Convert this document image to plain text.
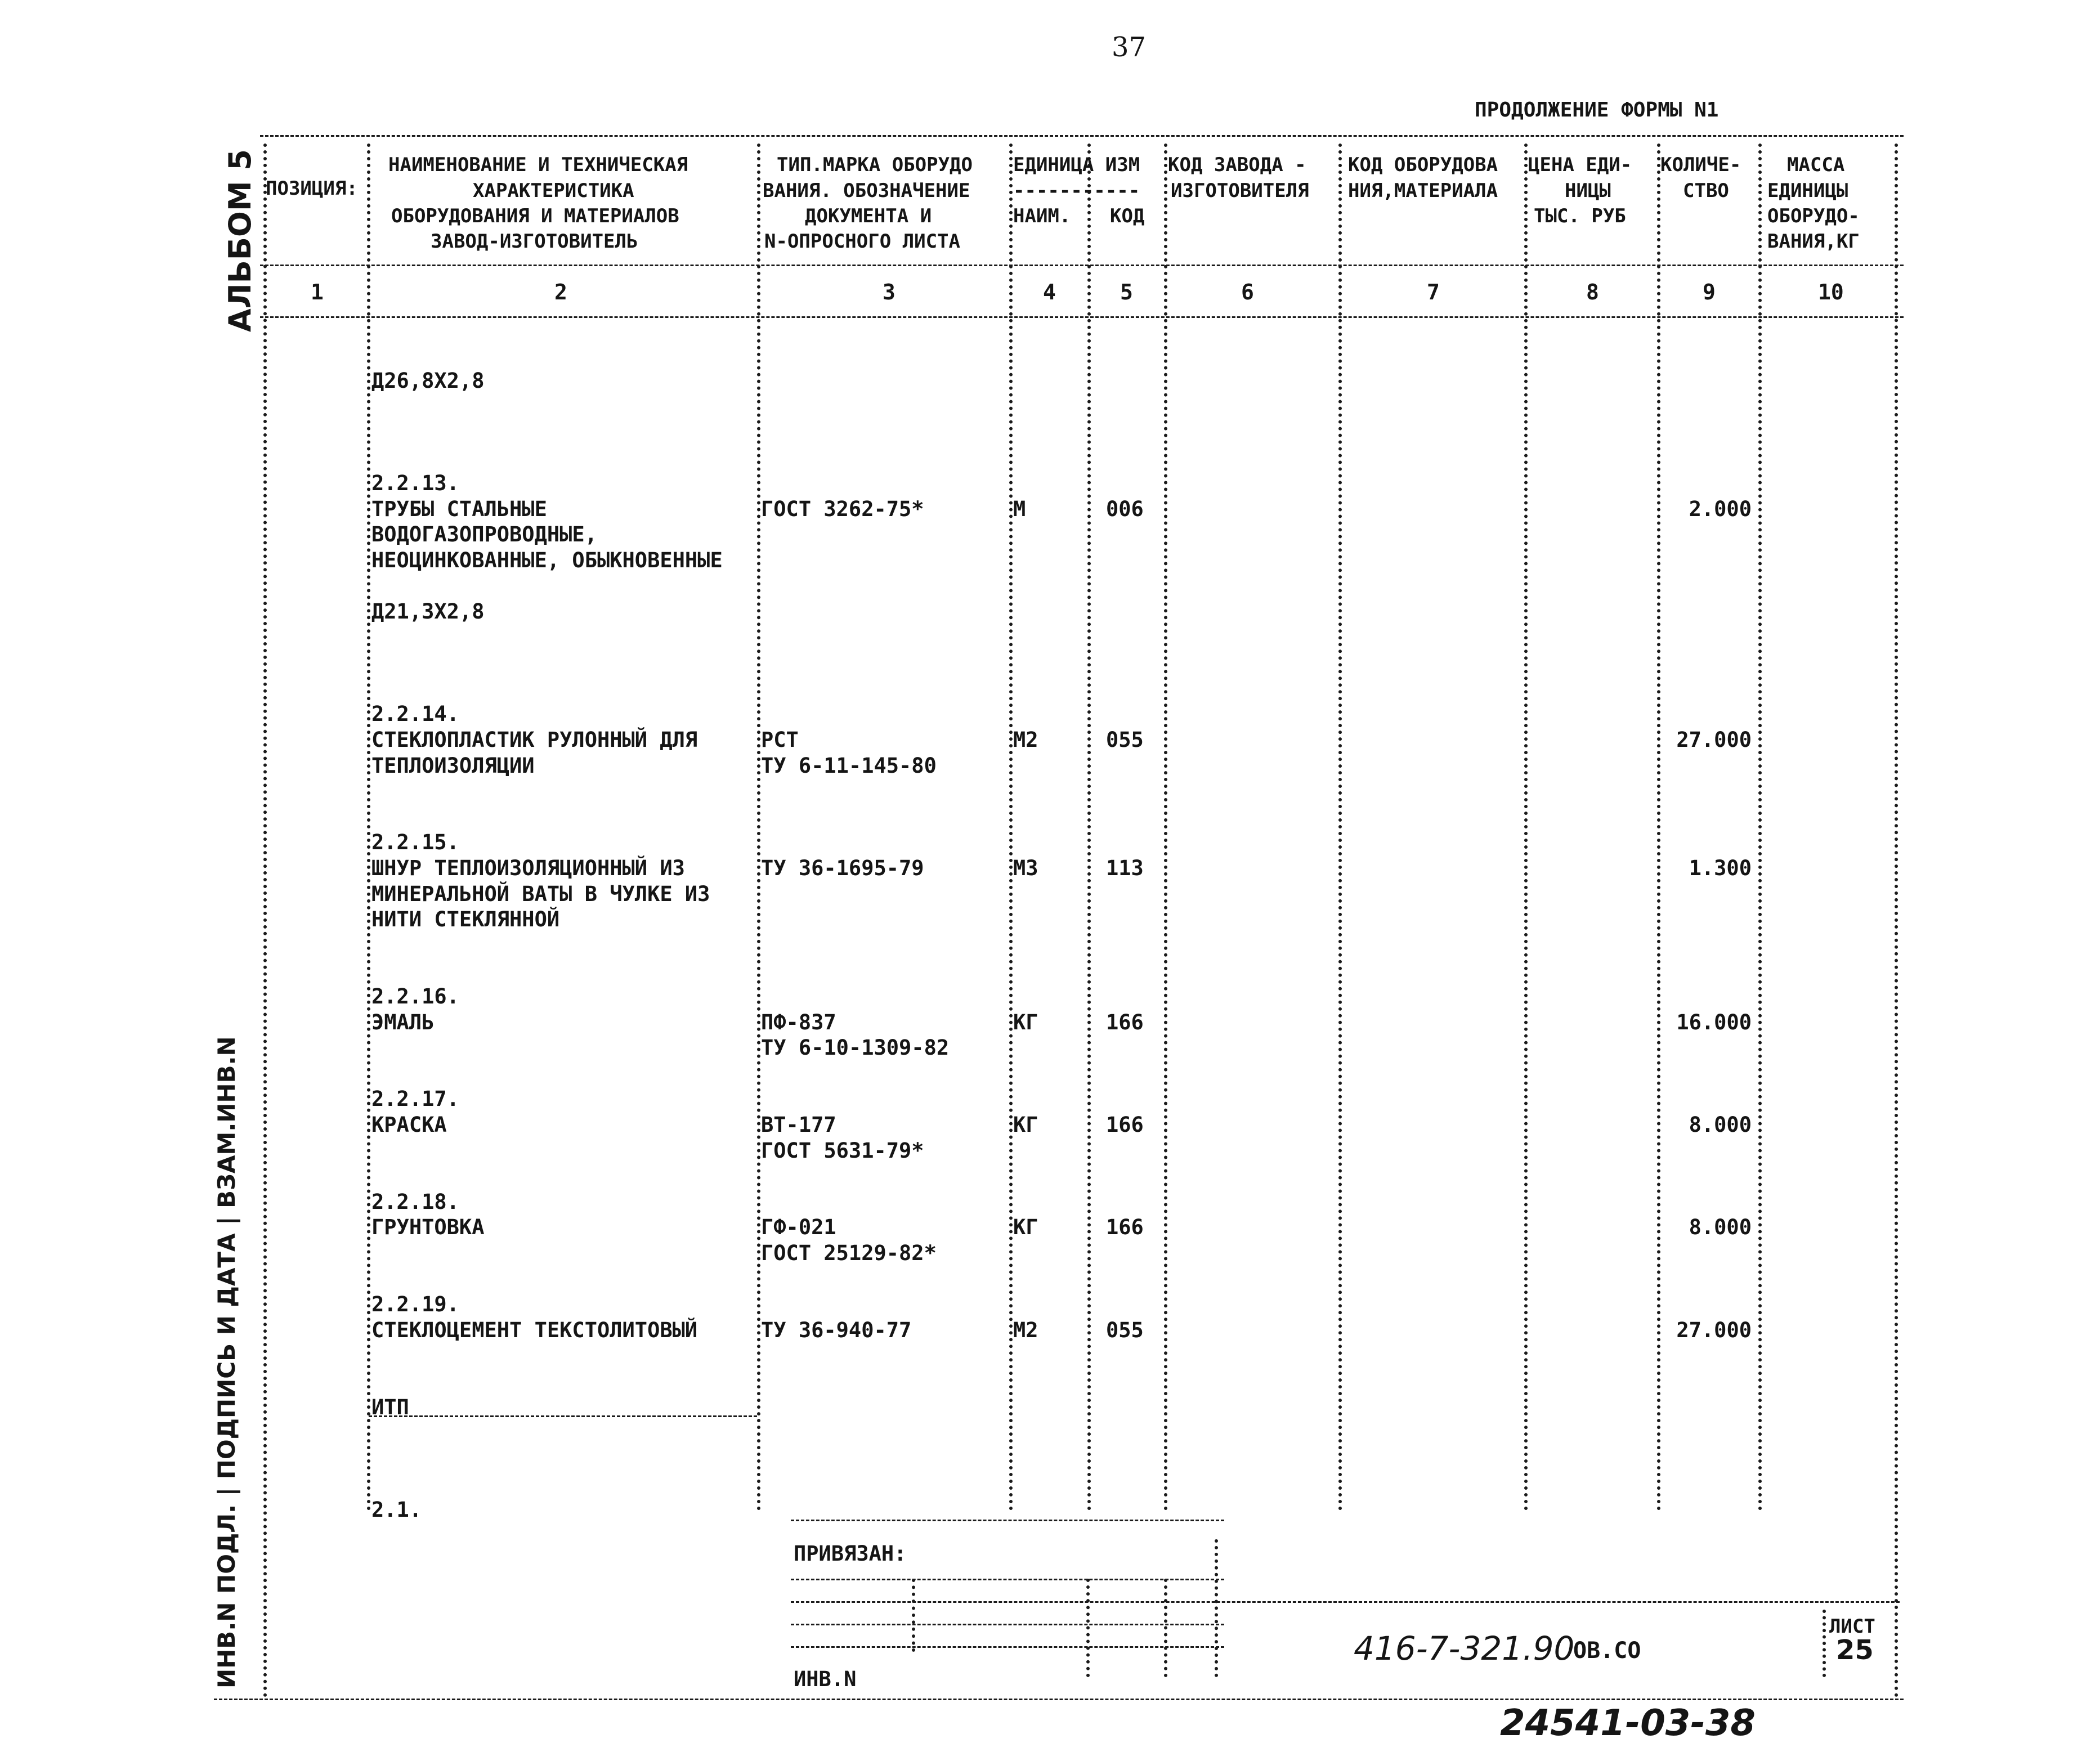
37
ПРОДОЛЖЕНИЕ ФОРМЫ N1
АЛЬБОМ 5
ИНВ.N ПОДЛ. | ПОДПИСЬ И ДАТА | ВЗАМ.ИНВ.N
ПОЗИЦИЯ:
НАИМЕНОВАНИЕ И ТЕХНИЧЕСКАЯ
ХАРАКТЕРИСТИКА
ОБОРУДОВАНИЯ И МАТЕРИАЛОВ
ЗАВОД-ИЗГОТОВИТЕЛЬ
ТИП.МАРКА ОБОРУДО
ВАНИЯ. ОБОЗНАЧЕНИЕ
ДОКУМЕНТА И
N-ОПРОСНОГО ЛИСТА
ЕДИНИЦА ИЗМ
-----------
НАИМ. КОД
КОД ЗАВОДА -
ИЗГОТОВИТЕЛЯ
КОД ОБОРУДОВА
НИЯ,МАТЕРИАЛА
ЦЕНА ЕДИ-
НИЦЫ
ТЫС. РУБ
КОЛИЧЕ-
СТВО
МАССА
ЕДИНИЦЫ
ОБОРУДО-
ВАНИЯ,КГ
1	2	3	4	5	6	7	8	9	10
Д26,8Х2,8
2.2.13.
ТРУБЫ СТАЛЬНЫЕ	ГОСТ 3262-75*	М	006	2.000
ВОДОГАЗОПРОВОДНЫЕ,
НЕОЦИНКОВАННЫЕ, ОБЫКНОВЕННЫЕ
Д21,3Х2,8
2.2.14.
СТЕКЛОПЛАСТИК РУЛОННЫЙ ДЛЯ	РСТ	М2	055	27.000
ТЕПЛОИЗОЛЯЦИИ	ТУ 6-11-145-80
2.2.15.
ШНУР ТЕПЛОИЗОЛЯЦИОННЫЙ ИЗ	ТУ 36-1695-79	М3	113	1.300
МИНЕРАЛЬНОЙ ВАТЫ В ЧУЛКЕ ИЗ
НИТИ СТЕКЛЯННОЙ
2.2.16.
ЭМАЛЬ	ПФ-837	КГ	166	16.000
ТУ 6-10-1309-82
2.2.17.
КРАСКА	ВТ-177	КГ	166	8.000
ГОСТ 5631-79*
2.2.18.
ГРУНТОВКА	ГФ-021	КГ	166	8.000
ГОСТ 25129-82*
2.2.19.
СТЕКЛОЦЕМЕНТ ТЕКСТОЛИТОВЫЙ	ТУ 36-940-77	М2	055	27.000
ИТП
2.1.
ПРИВЯЗАН:
ИНВ.N
416-7-321.90
ОВ.СО
ЛИСТ
25
24541-03-38
